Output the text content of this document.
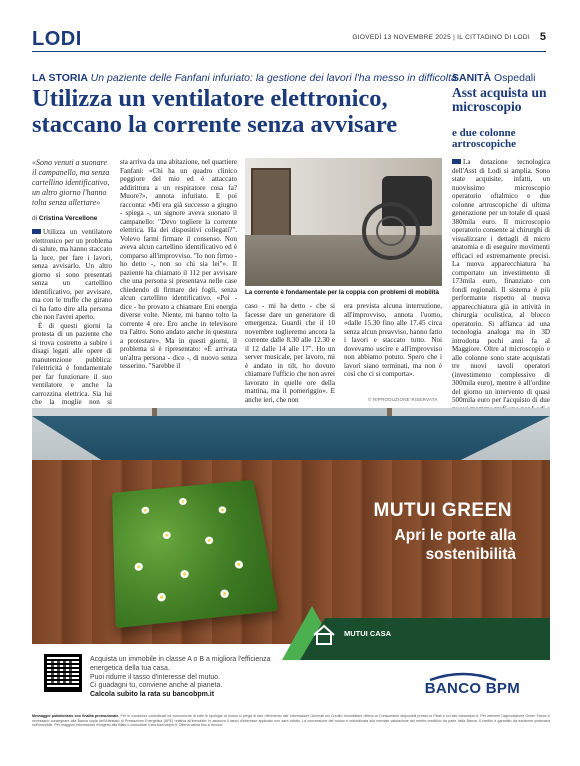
LODI	GIOVEDÌ 13 NOVEMBRE 2025 | IL CITTADINO DI LODI 5
LA STORIA Un paziente delle Fanfani infuriato: la gestione dei lavori l'ha messo in difficoltà
Utilizza un ventilatore elettronico, staccano la corrente senza avvisare
«Sono venuti a suonare il campanello, ma senza cartellino identificativo, un altro giorno l'hanno tolta senza allertare»
di Cristina Vercellone

Utilizza un ventilatore elettronico per un problema di salute, ma hanno staccato la luce, per fare i lavori, senza avvisarlo. Un altro giorno si sono presentati senza un cartellino identificativo, per avvisare, ma con le truffe che girano ci ha fatto dire alla persona che non l'avrei aperto.

È di questi giorni la protesta di un paziente che si trova costretto a subire i disagi legati alle opere di manutenzione pubblica: l'elettricità è fondamentale per far funzionare il suo ventilatore e anche la carrozzina elettrica. Sia lui che la moglie non si

sta arriva da una abitazione, nel quartiere Fanfani: «Chi ha un quadro clinico peggiore del mio ed è attaccato addirittura a un respiratore cosa fa? Muore?», annota infuriato. E poi racconta: «Mi era già successo a giugno - spiega -, un signore aveva suonato il campanello: "Devo togliere la corrente elettrica. Ha dei dispositivi collegati?". Volevo farmi firmare il consenso. Non aveva alcun cartellino identificativo ed è comparso all'improvviso. "Io non firmo - ho detto -, non so chi sia lei"». Il paziente ha chiamato il 112 per avvisare che una persona si presentava nelle case chiedendo di firmare dei fogli, senza alcun cartellino identificativo. «Poi - dice - ho provato a chiamare Eni energia diverse volte. Niente, mi hanno tolto la corrente 4 ore. Ero anche in televisore tra l'altro. Sono andato anche in questura a protestare». Ma in questi giorni, il problema si è ripresentato: «È arrivata un'altra persona - dice -, di nuovo senza tesserino. "Sarebbe il

La corrente è fondamentale per la coppia con problemi di mobilità

caso - mi ha detto - che si facesse dare un generatore di emergenza. Guardi che il 10 novembre toglieremo ancora la corrente dalle 8.30 alle 12.30 e il 12 dalle 14 alle 17". Ho un server musicale, per lavoro, mi è andato in tilt, ho dovuto chiamare l'ufficio che non avrei lavorato in quelle ore della mattina, ma il pomeriggio». E anche ieri, che non

era prevista alcuna interruzione, all'improvviso, annota l'uomo, «dalle 15.30 fino alle 17.45 circa senza alcun preavviso, hanno fatto i lavori e staccato tutto. Noi dovevamo uscire e all'improvviso non abbiamo potuto. Spero che i lavori siano terminati, ma non è così che ci si comporta».

© RIPRODUZIONE RISERVATA
SANITÀ Ospedali
Asst acquista un microscopio
e due colonne artroscopiche

La dotazione tecnologica dell'Asst di Lodi si amplia. Sono state acquisite, infatti, un nuovissimo microscopio operatorio oftalmico e due colonne artroscopiche di ultima generazione per un totale di quasi 380mila euro. Il microscopio operatorio consente ai chirurghi di visualizzare i dettagli di micro anatomia e di eseguire movimenti efficaci ed estremamente precisi. La nuova apparecchiatura ha comportato un investimento di 173mila euro, finanziato con fondi regionali. Il sistema è più performante rispetto al nuova apparecchiatura già in attività in chirurgia oculistica, al blocco operatorio. Si affianca ad una tecnologia analoga ma in 3D introdotta pochi anni fa al Maggiore. Oltre al microscopio e alle colonne sono state acquistati tre nuovi tavoli operatori (investimento complessivo di 300mila euro), mentre è all'ordine del giorno un intervento di quasi 500mila euro per l'acquisto di due

MUTUI GREEN
Apri le porte alla sostenibilità
Acquista un immobile in classe A o B a migliora l'efficienza energetica della tua casa.
Puoi ridurre il tasso d'interesse del mutuo.
Ci guadagni tu, conviene anche al pianeta.
Calcola subito la rata su bancobpm.it
MUTUI CASA
BANCO BPM
Messaggio pubblicitario con finalità promozionale. Per le condizioni contrattuali ed economiche di tutte le tipologie di mutuo si prega di fare riferimento alle Informazioni Generali sul Credito Immobiliare offerto ai Consumatori disponibili presso le Filiali e sul sito bancobpm.it. Per ottenere l'agevolazione Green Factor è necessario consegnare alla Banca copia dell'Attestato di Prestazione Energetica (APE) relativa all'immobile; in assenza il tasso d'interesse applicato non sarà ridotto. La concessione del mutuo è subordinata alla normale valutazione del merito creditizio da parte della Banca. Il credito è garantito da iscrizione ipotecaria sull'immobile. Per maggiori informazioni rivolgersi alla filiale o consultare il sito bancobpm.it. Offerta valida fino a revoca.
